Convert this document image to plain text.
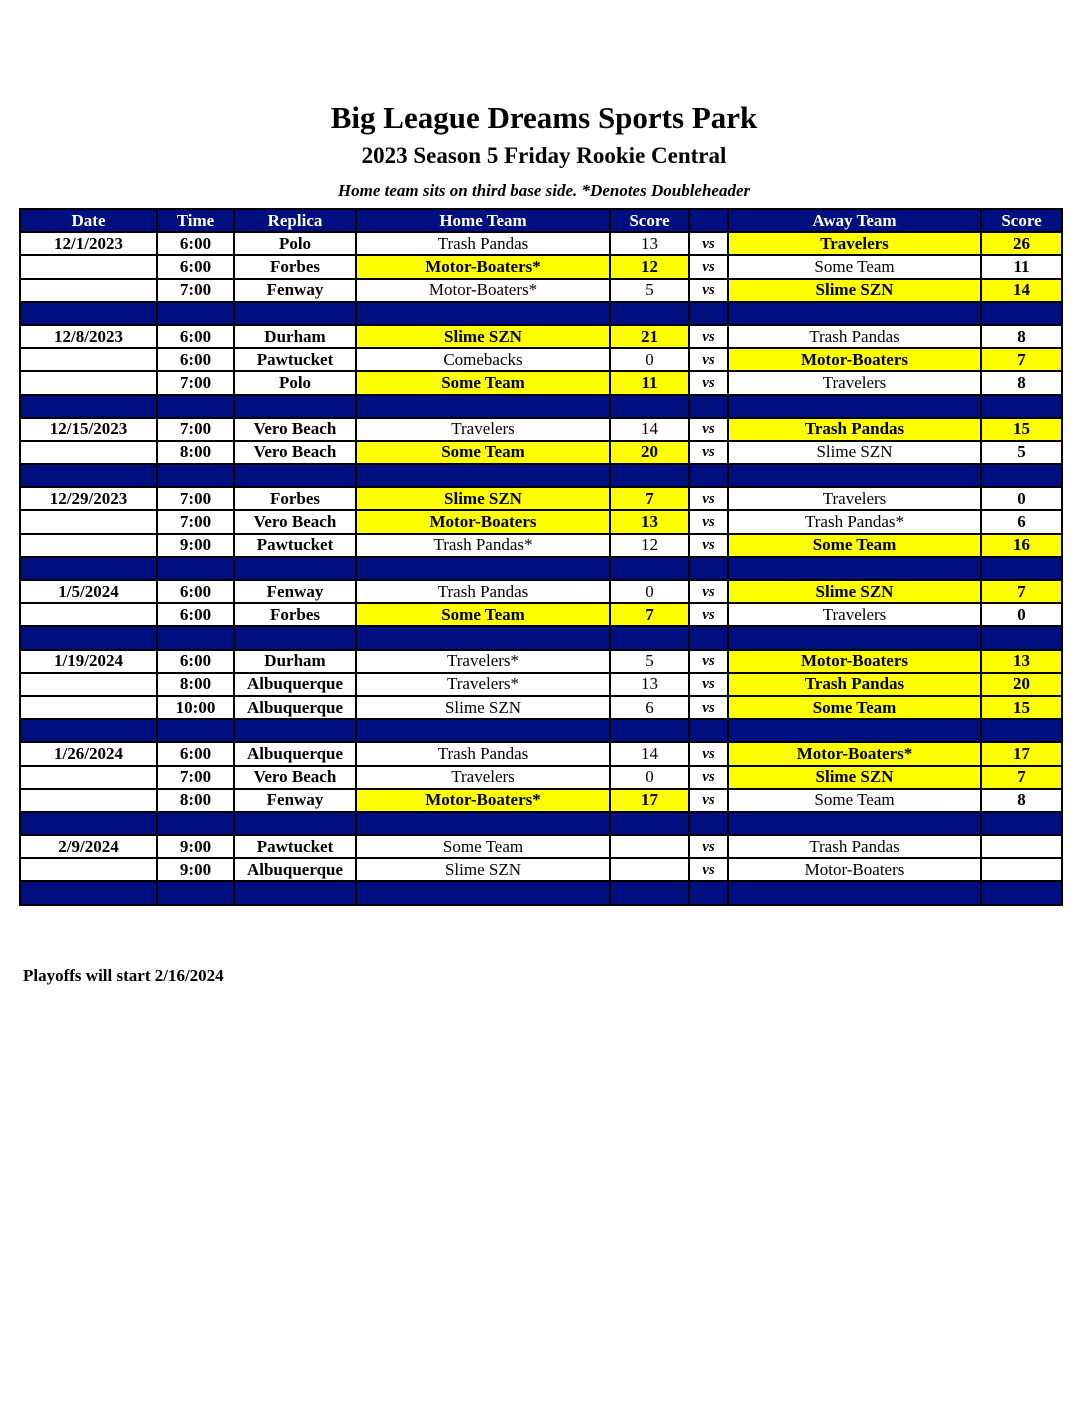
Big League Dreams Sports Park
2023 Season 5 Friday Rookie Central
Home team sits on third base side. *Denotes Doubleheader
Date	Time	Replica	Home Team	Score		Away Team	Score
12/1/2023	6:00	Polo	Trash Pandas	13	vs	Travelers	26
	6:00	Forbes	Motor-Boaters*	12	vs	Some Team	11
	7:00	Fenway	Motor-Boaters*	5	vs	Slime SZN	14

12/8/2023	6:00	Durham	Slime SZN	21	vs	Trash Pandas	8
	6:00	Pawtucket	Comebacks	0	vs	Motor-Boaters	7
	7:00	Polo	Some Team	11	vs	Travelers	8

12/15/2023	7:00	Vero Beach	Travelers	14	vs	Trash Pandas	15
	8:00	Vero Beach	Some Team	20	vs	Slime SZN	5

12/29/2023	7:00	Forbes	Slime SZN	7	vs	Travelers	0
	7:00	Vero Beach	Motor-Boaters	13	vs	Trash Pandas*	6
	9:00	Pawtucket	Trash Pandas*	12	vs	Some Team	16

1/5/2024	6:00	Fenway	Trash Pandas	0	vs	Slime SZN	7
	6:00	Forbes	Some Team	7	vs	Travelers	0

1/19/2024	6:00	Durham	Travelers*	5	vs	Motor-Boaters	13
	8:00	Albuquerque	Travelers*	13	vs	Trash Pandas	20
	10:00	Albuquerque	Slime SZN	6	vs	Some Team	15

1/26/2024	6:00	Albuquerque	Trash Pandas	14	vs	Motor-Boaters*	17
	7:00	Vero Beach	Travelers	0	vs	Slime SZN	7
	8:00	Fenway	Motor-Boaters*	17	vs	Some Team	8

2/9/2024	9:00	Pawtucket	Some Team		vs	Trash Pandas	
	9:00	Albuquerque	Slime SZN		vs	Motor-Boaters	

Playoffs will start 2/16/2024
